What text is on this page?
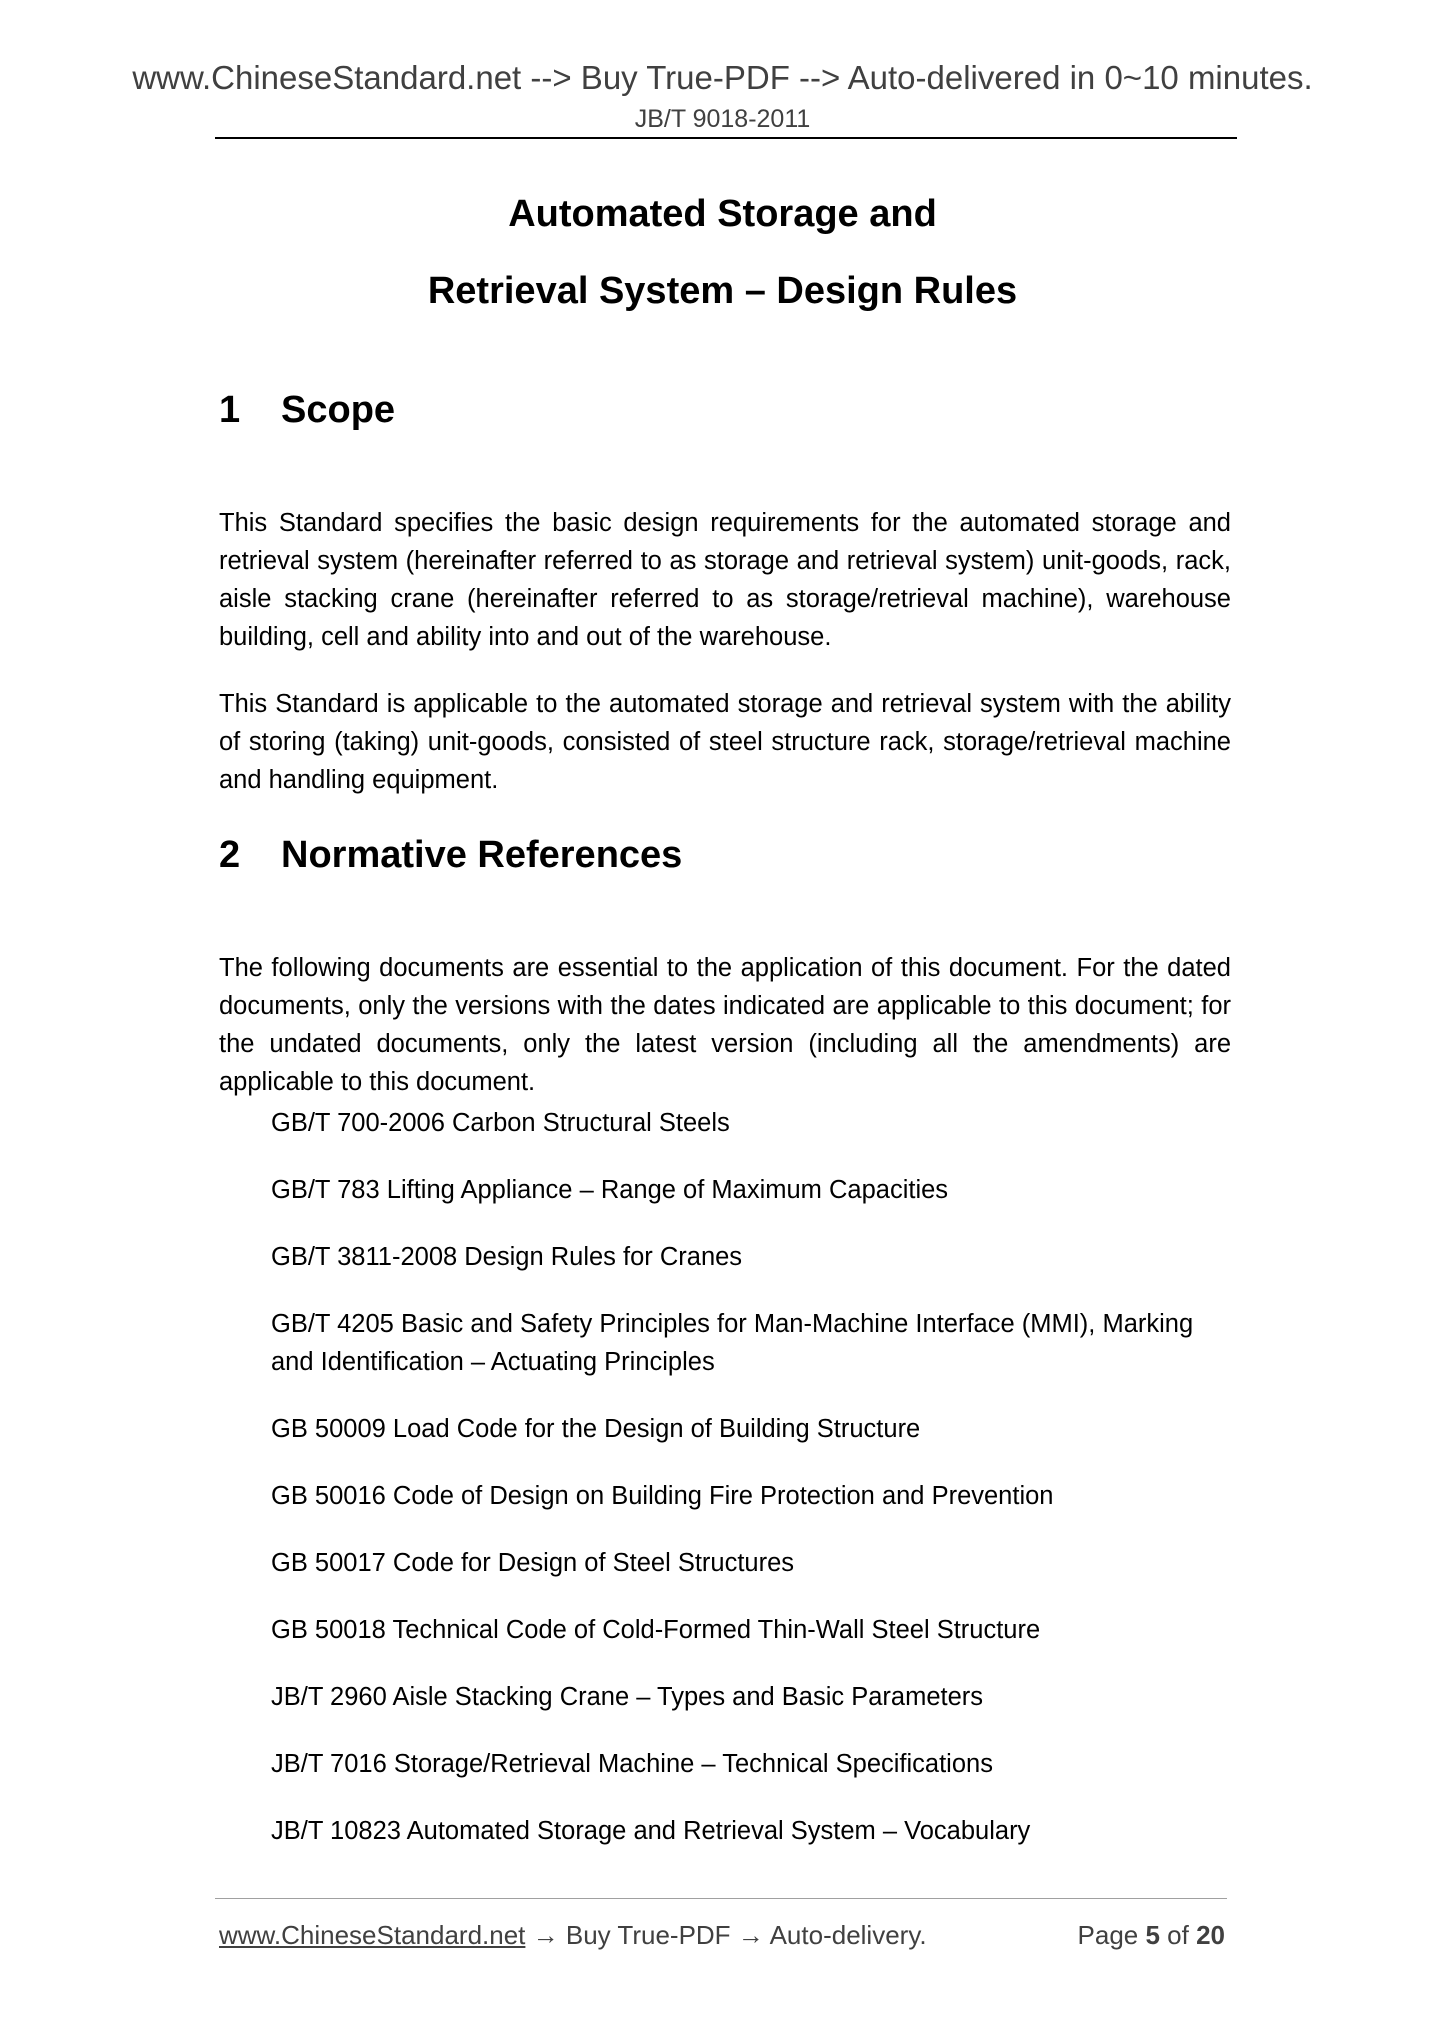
www.ChineseStandard.net --> Buy True-PDF --> Auto-delivered in 0~10 minutes.
JB/T 9018-2011
Automated Storage and
Retrieval System – Design Rules
1 Scope

This Standard specifies the basic design requirements for the automated storage and retrieval system (hereinafter referred to as storage and retrieval system) unit-goods, rack, aisle stacking crane (hereinafter referred to as storage/retrieval machine), warehouse building, cell and ability into and out of the warehouse.

This Standard is applicable to the automated storage and retrieval system with the ability of storing (taking) unit-goods, consisted of steel structure rack, storage/retrieval machine and handling equipment.

2 Normative References

The following documents are essential to the application of this document. For the dated documents, only the versions with the dates indicated are applicable to this document; for the undated documents, only the latest version (including all the amendments) are applicable to this document.

GB/T 700-2006 Carbon Structural Steels
GB/T 783 Lifting Appliance – Range of Maximum Capacities
GB/T 3811-2008 Design Rules for Cranes
GB/T 4205 Basic and Safety Principles for Man-Machine Interface (MMI), Marking and Identification – Actuating Principles
GB 50009 Load Code for the Design of Building Structure
GB 50016 Code of Design on Building Fire Protection and Prevention
GB 50017 Code for Design of Steel Structures
GB 50018 Technical Code of Cold-Formed Thin-Wall Steel Structure
JB/T 2960 Aisle Stacking Crane – Types and Basic Parameters
JB/T 7016 Storage/Retrieval Machine – Technical Specifications
JB/T 10823 Automated Storage and Retrieval System – Vocabulary
www.ChineseStandard.net → Buy True-PDF → Auto-delivery.	Page 5 of 20
